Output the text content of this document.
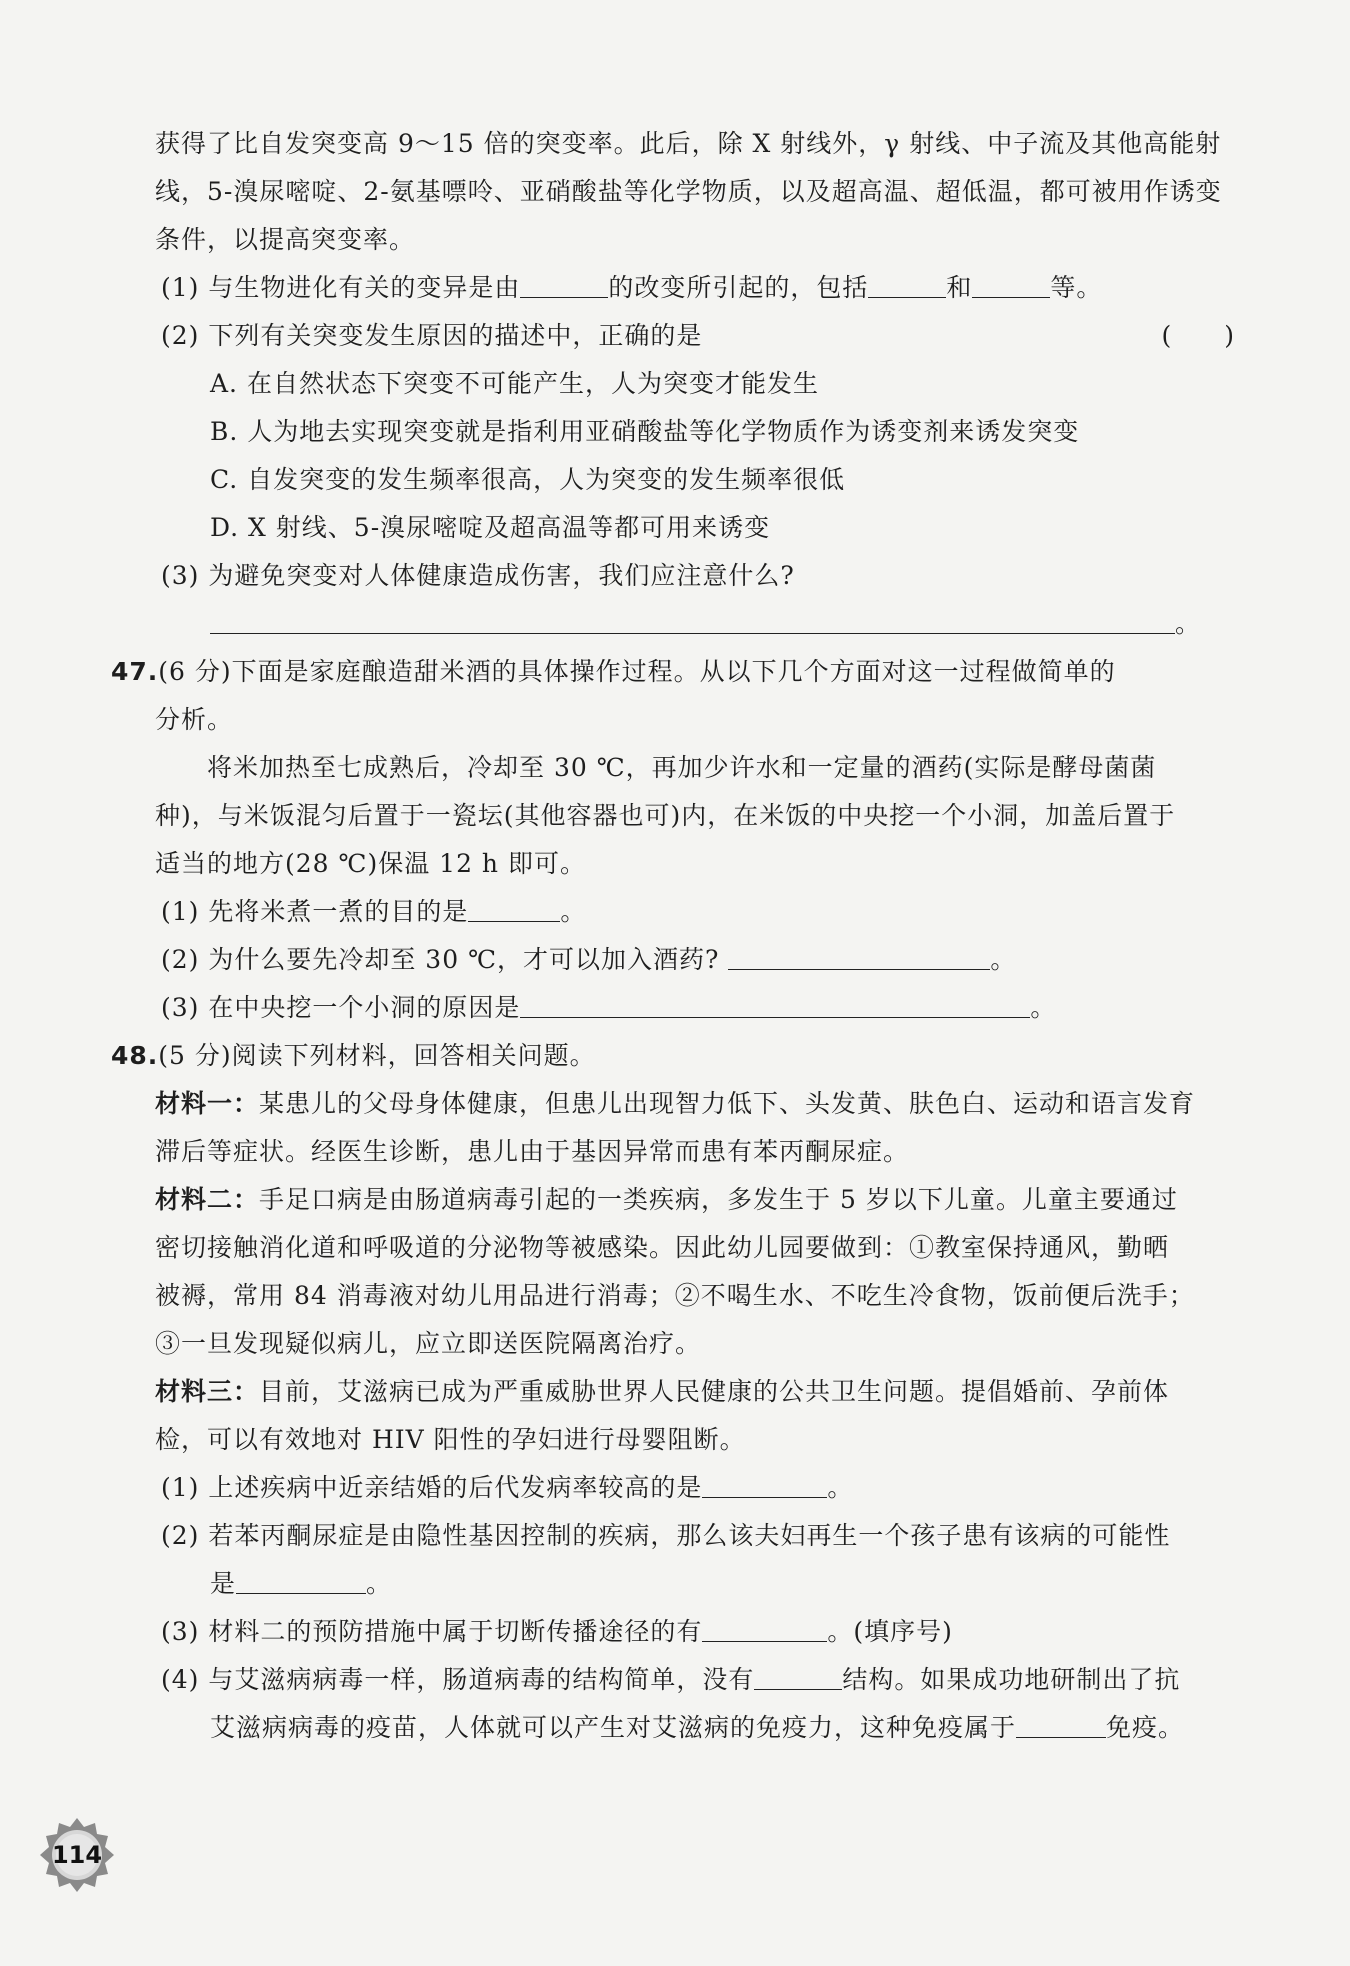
获得了比自发突变高 9～15 倍的突变率。此后，除 X 射线外，γ 射线、中子流及其他高能射
线，5-溴尿嘧啶、2-氨基嘌呤、亚硝酸盐等化学物质，以及超高温、超低温，都可被用作诱变
条件，以提高突变率。
(1) 与生物进化有关的变异是由	的改变所引起的，包括	和	等。
(2) 下列有关突变发生原因的描述中，正确的是	(　　)
A. 在自然状态下突变不可能产生，人为突变才能发生
B. 人为地去实现突变就是指利用亚硝酸盐等化学物质作为诱变剂来诱发突变
C. 自发突变的发生频率很高，人为突变的发生频率很低
D. X 射线、5-溴尿嘧啶及超高温等都可用来诱变
(3) 为避免突变对人体健康造成伤害，我们应注意什么?
。
47.(6 分)下面是家庭酿造甜米酒的具体操作过程。从以下几个方面对这一过程做简单的
分析。
将米加热至七成熟后，冷却至 30 ℃，再加少许水和一定量的酒药(实际是酵母菌菌
种)，与米饭混匀后置于一瓷坛(其他容器也可)内，在米饭的中央挖一个小洞，加盖后置于
适当的地方(28 ℃)保温 12 h 即可。
(1) 先将米煮一煮的目的是	。
(2) 为什么要先冷却至 30 ℃，才可以加入酒药?	。
(3) 在中央挖一个小洞的原因是	。
48.(5 分)阅读下列材料，回答相关问题。
材料一：某患儿的父母身体健康，但患儿出现智力低下、头发黄、肤色白、运动和语言发育
滞后等症状。经医生诊断，患儿由于基因异常而患有苯丙酮尿症。
材料二：手足口病是由肠道病毒引起的一类疾病，多发生于 5 岁以下儿童。儿童主要通过
密切接触消化道和呼吸道的分泌物等被感染。因此幼儿园要做到：①教室保持通风，勤晒
被褥，常用 84 消毒液对幼儿用品进行消毒；②不喝生水、不吃生冷食物，饭前便后洗手；
③一旦发现疑似病儿，应立即送医院隔离治疗。
材料三：目前，艾滋病已成为严重威胁世界人民健康的公共卫生问题。提倡婚前、孕前体
检，可以有效地对 HIV 阳性的孕妇进行母婴阻断。
(1) 上述疾病中近亲结婚的后代发病率较高的是	。
(2) 若苯丙酮尿症是由隐性基因控制的疾病，那么该夫妇再生一个孩子患有该病的可能性
是	。
(3) 材料二的预防措施中属于切断传播途径的有	。(填序号)
(4) 与艾滋病病毒一样，肠道病毒的结构简单，没有	结构。如果成功地研制出了抗
艾滋病病毒的疫苗，人体就可以产生对艾滋病的免疫力，这种免疫属于	免疫。
114
